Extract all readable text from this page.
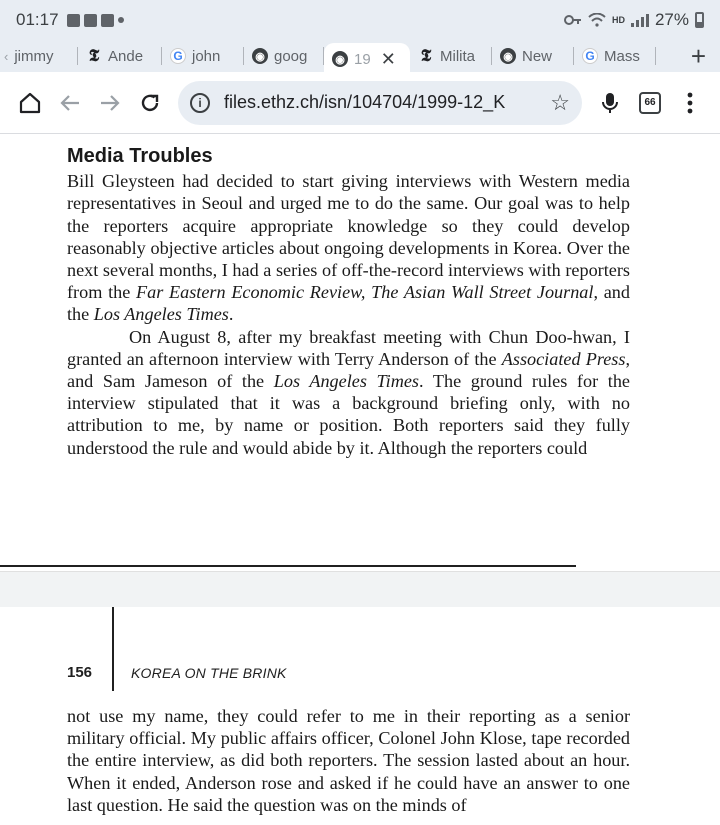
01:17	HD 27%
‹ jimmy 𝕿 Ande	G john	◉ goog	◉ 19 ✕ 𝕿 Milita	◉ New	G Mass +
i	files.ethz.ch/isn/104704/1999-12_K	☆	66
Media Troubles

Bill Gleysteen had decided to start giving interviews with Western media representatives in Seoul and urged me to do the same. Our goal was to help the reporters acquire appropriate knowledge so they could develop reasonably objective articles about ongoing developments in Korea. Over the next several months, I had a series of off-the-record interviews with reporters from the Far Eastern Economic Review, The Asian Wall Street Journal, and the Los Angeles Times.

On August 8, after my breakfast meeting with Chun Doo-hwan, I granted an afternoon interview with Terry Anderson of the Associated Press, and Sam Jameson of the Los Angeles Times. The ground rules for the interview stipulated that it was a background briefing only, with no attribution to me, by name or position. Both reporters said they fully understood the rule and would abide by it. Although the reporters could

156	KOREA ON THE BRINK

not use my name, they could refer to me in their reporting as a senior military official. My public affairs officer, Colonel John Klose, tape recorded the entire interview, as did both reporters. The session lasted about an hour. When it ended, Anderson rose and asked if he could have an answer to one last question. He said the question was on the minds of
